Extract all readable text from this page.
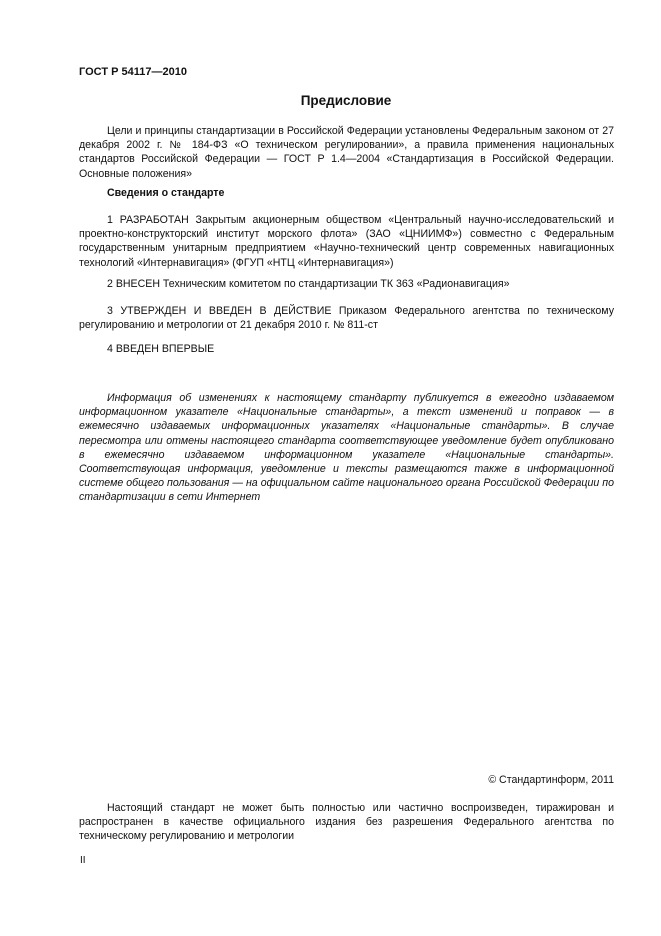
ГОСТ Р 54117—2010
Предисловие

Цели и принципы стандартизации в Российской Федерации установлены Федеральным законом от 27 декабря 2002 г. № 184-ФЗ «О техническом регулировании», а правила применения национальных стандартов Российской Федерации — ГОСТ Р 1.4—2004 «Стандартизация в Российской Федерации. Основные положения»

Сведения о стандарте

1 РАЗРАБОТАН Закрытым акционерным обществом «Центральный научно-исследовательский и проектно-конструкторский институт морского флота» (ЗАО «ЦНИИМФ») совместно с Федеральным государственным унитарным предприятием «Научно-технический центр современных навигационных технологий «Интернавигация» (ФГУП «НТЦ «Интернавигация»)

2 ВНЕСЕН Техническим комитетом по стандартизации ТК 363 «Радионавигация»

3 УТВЕРЖДЕН И ВВЕДЕН В ДЕЙСТВИЕ Приказом Федерального агентства по техническому регулированию и метрологии от 21 декабря 2010 г. № 811-ст

4 ВВЕДЕН ВПЕРВЫЕ

Информация об изменениях к настоящему стандарту публикуется в ежегодно издаваемом информационном указателе «Национальные стандарты», а текст изменений и поправок — в ежемесячно издаваемых информационных указателях «Национальные стандарты». В случае пересмотра или отмены настоящего стандарта соответствующее уведомление будет опубликовано в ежемесячно издаваемом информационном указателе «Национальные стандарты». Соответствующая информация, уведомление и тексты размещаются также в информационной системе общего пользования — на официальном сайте национального органа Российской Федерации по стандартизации в сети Интернет

© Стандартинформ, 2011

Настоящий стандарт не может быть полностью или частично воспроизведен, тиражирован и распространен в качестве официального издания без разрешения Федерального агентства по техническому регулированию и метрологии

II
